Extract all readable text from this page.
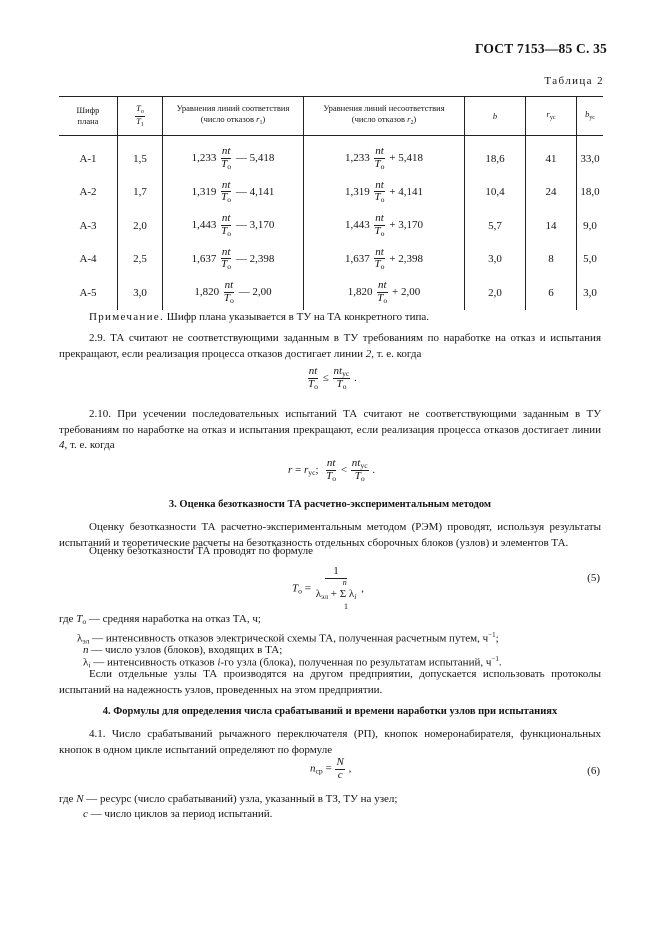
ГОСТ 7153—85 С. 35
Таблица 2
Шифр
плана	$\frac{T_о}{T_1}$	Уравнения линий соответствия
(число отказов $r_1$)	Уравнения линий несоответствия
(число отказов $r_2$)	b	$r_{ус}$	$b_{ус}$
А-1	1,5	$1,233 \frac{nt}{T_о}$ — 5,418	$1,233 \frac{nt}{T_о} + 5,418$	18,6	41	33,0
А-2	1,7	$1,319 \frac{nt}{T_о}$ — 4,141	$1,319 \frac{nt}{T_о} + 4,141$	10,4	24	18,0
А-3	2,0	$1,443 \frac{nt}{T_о}$ — 3,170	$1,443 \frac{nt}{T_о} + 3,170$	5,7	14	9,0
А-4	2,5	$1,637 \frac{nt}{T_о}$ — 2,398	$1,637 \frac{nt}{T_о} + 2,398$	3,0	8	5,0
А-5	3,0	$1,820 \frac{nt}{T_о}$ — 2,00	$1,820 \frac{nt}{T_о} + 2,00$	2,0	6	3,0
Примечание. Шифр плана указывается в ТУ на ТА конкретного типа.
2.9. ТА считают не соответствующими заданным в ТУ требованиям по наработке на отказ и испытания прекращают, если реализация процесса отказов достигает линии 2, т. е. когда
$\frac{nt}{T_о} \le \frac{nt_{ус}}{T_о}$ .
2.10. При усечении последовательных испытаний ТА считают не соответствующими заданным в ТУ требованиям по наработке на отказ и испытания прекращают, если реализация процесса отказов достигает линии 4, т. е. когда
$r = r_{ус}$; $\frac{nt}{T_о} < \frac{nt_{ус}}{T_о}$ .
3. Оценка безотказности ТА расчетно-экспериментальным методом
Оценку безотказности ТА расчетно-экспериментальным методом (РЭМ) проводят, используя результаты испытаний и теоретические расчеты на безотказность отдельных сборочных блоков (узлов) и элементов ТА.
Оценку безотказности ТА проводят по формуле
$T_о$ =
1
n
$\lambda_{эл} + \Sigma$ $\lambda_i$
1
,
(5)
где $T_о$ — средняя наработка на отказ ТА, ч;
$\lambda_{эл}$ — интенсивность отказов электрической схемы ТА, полученная расчетным путем, $ч^{-1}$;
n — число узлов (блоков), входящих в ТА;
$\lambda_i$ — интенсивность отказов i-го узла (блока), полученная по результатам испытаний, $ч^{-1}$.
Если отдельные узлы ТА производятся на другом предприятии, допускается использовать протоколы испытаний на надежность узлов, проведенных на этом предприятии.
4. Формулы для определения числа срабатываний и времени наработки узлов при испытаниях
4.1. Число срабатываний рычажного переключателя (РП), кнопок номеронабирателя, функциональных кнопок в одном цикле испытаний определяют по формуле
$n_{ср} = \frac{N}{c}$ ,	(6)
где N — ресурс (число срабатываний) узла, указанный в ТЗ, ТУ на узел;
c — число циклов за период испытаний.
